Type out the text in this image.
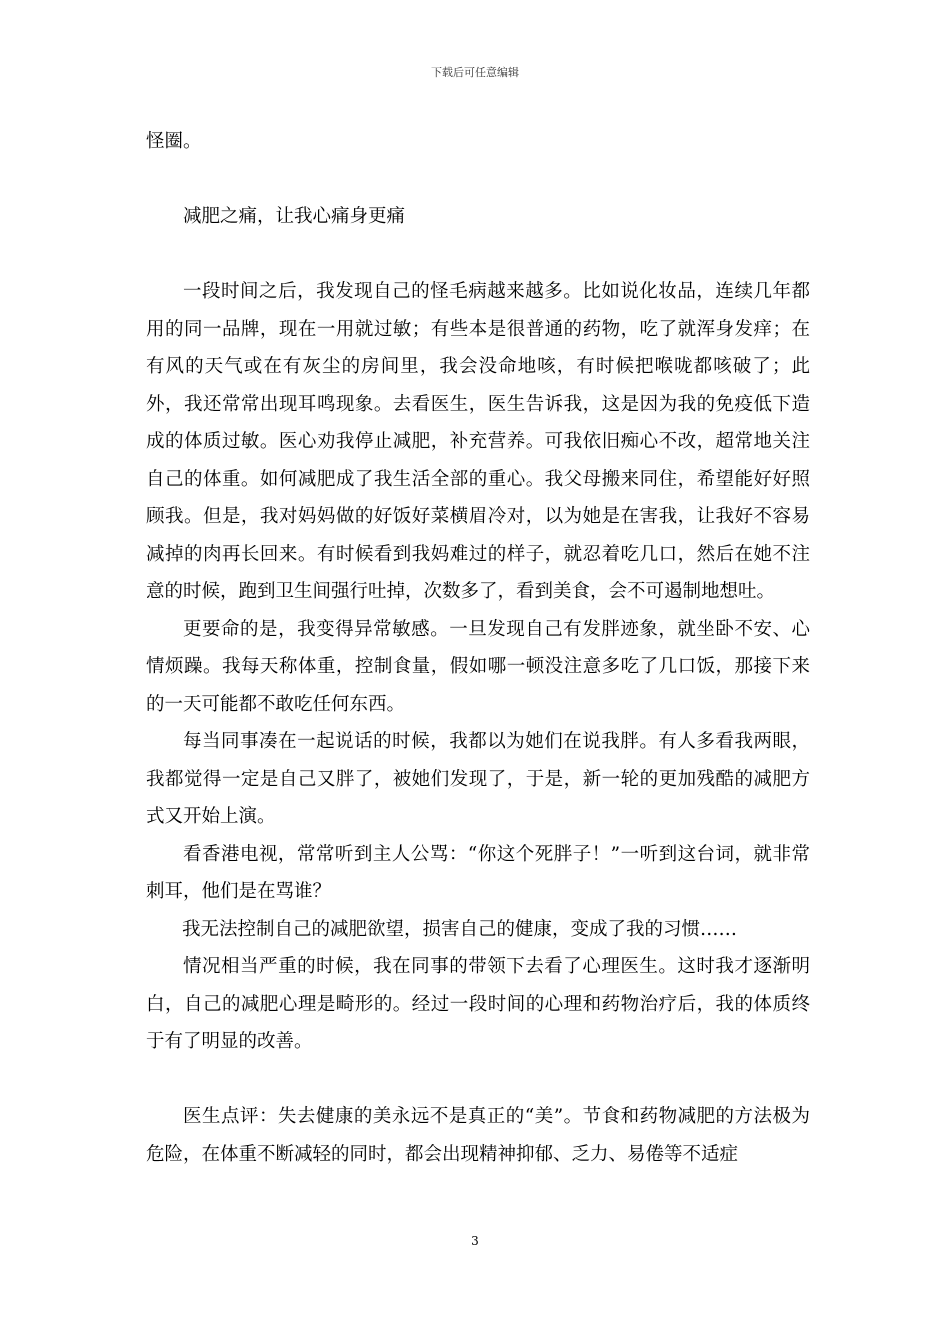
下载后可任意编辑

怪圈。

减肥之痛，让我心痛身更痛

一段时间之后，我发现自己的怪毛病越来越多。比如说化妆品，连续几年都用的同一品牌，现在一用就过敏；有些本是很普通的药物，吃了就浑身发痒；在有风的天气或在有灰尘的房间里，我会没命地咳，有时候把喉咙都咳破了；此外，我还常常出现耳鸣现象。去看医生，医生告诉我，这是因为我的免疫低下造成的体质过敏。医心劝我停止减肥，补充营养。可我依旧痴心不改，超常地关注自己的体重。如何减肥成了我生活全部的重心。我父母搬来同住，希望能好好照顾我。但是，我对妈妈做的好饭好菜横眉冷对，以为她是在害我，让我好不容易减掉的肉再长回来。有时候看到我妈难过的样子，就忍着吃几口，然后在她不注意的时候，跑到卫生间强行吐掉，次数多了，看到美食，会不可遏制地想吐。

更要命的是，我变得异常敏感。一旦发现自己有发胖迹象，就坐卧不安、心情烦躁。我每天称体重，控制食量，假如哪一顿没注意多吃了几口饭，那接下来的一天可能都不敢吃任何东西。

每当同事凑在一起说话的时候，我都以为她们在说我胖。有人多看我两眼，我都觉得一定是自己又胖了，被她们发现了，于是，新一轮的更加残酷的减肥方式又开始上演。

看香港电视，常常听到主人公骂：“你这个死胖子！”一听到这台词，就非常刺耳，他们是在骂谁？

我无法控制自己的减肥欲望，损害自己的健康，变成了我的习惯……

情况相当严重的时候，我在同事的带领下去看了心理医生。这时我才逐渐明白，自己的减肥心理是畸形的。经过一段时间的心理和药物治疗后，我的体质终于有了明显的改善。

医生点评：失去健康的美永远不是真正的“美”。节食和药物减肥的方法极为危险，在体重不断减轻的同时，都会出现精神抑郁、乏力、易倦等不适症

3
